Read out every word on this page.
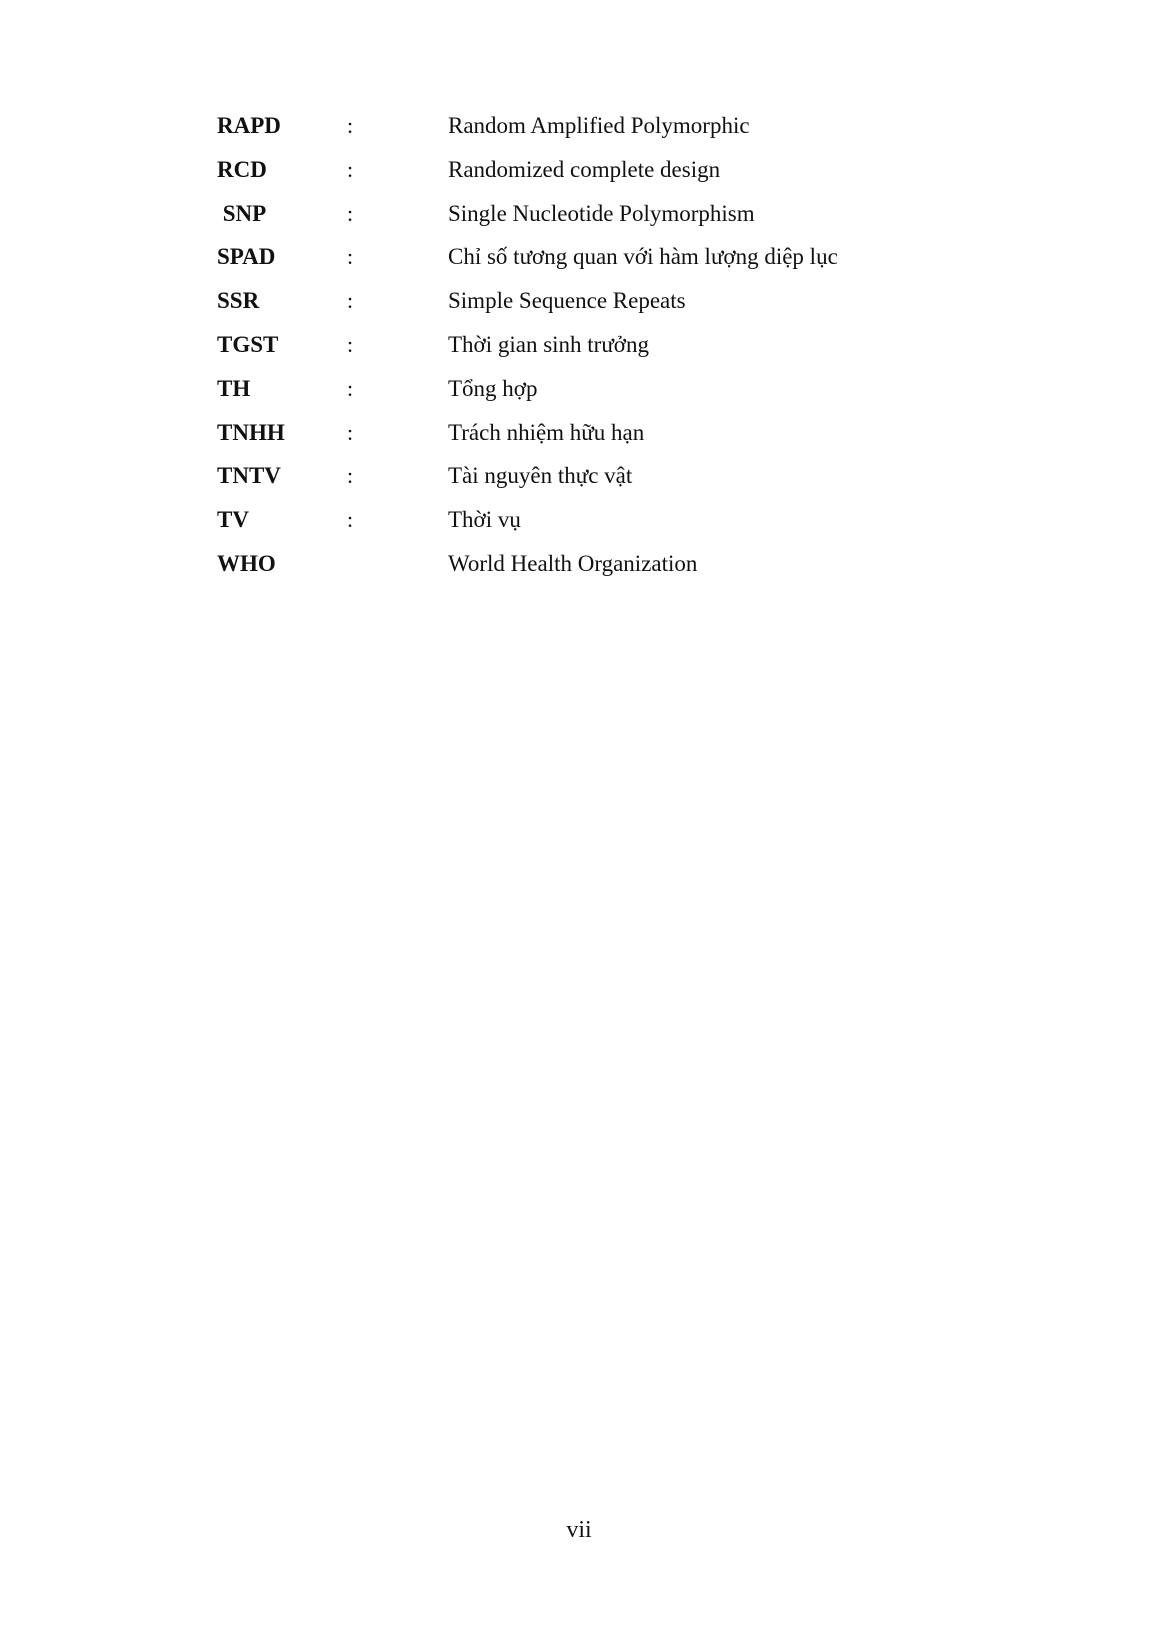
RAPD	:	Random Amplified Polymorphic
RCD	:	Randomized complete design
SNP	:	Single Nucleotide Polymorphism
SPAD	:	Chỉ số tương quan với hàm lượng diệp lục
SSR	:	Simple Sequence Repeats
TGST	:	Thời gian sinh trưởng
TH	:	Tổng hợp
TNHH	:	Trách nhiệm hữu hạn
TNTV	:	Tài nguyên thực vật
TV	:	Thời vụ
WHO	World Health Organization
vii
